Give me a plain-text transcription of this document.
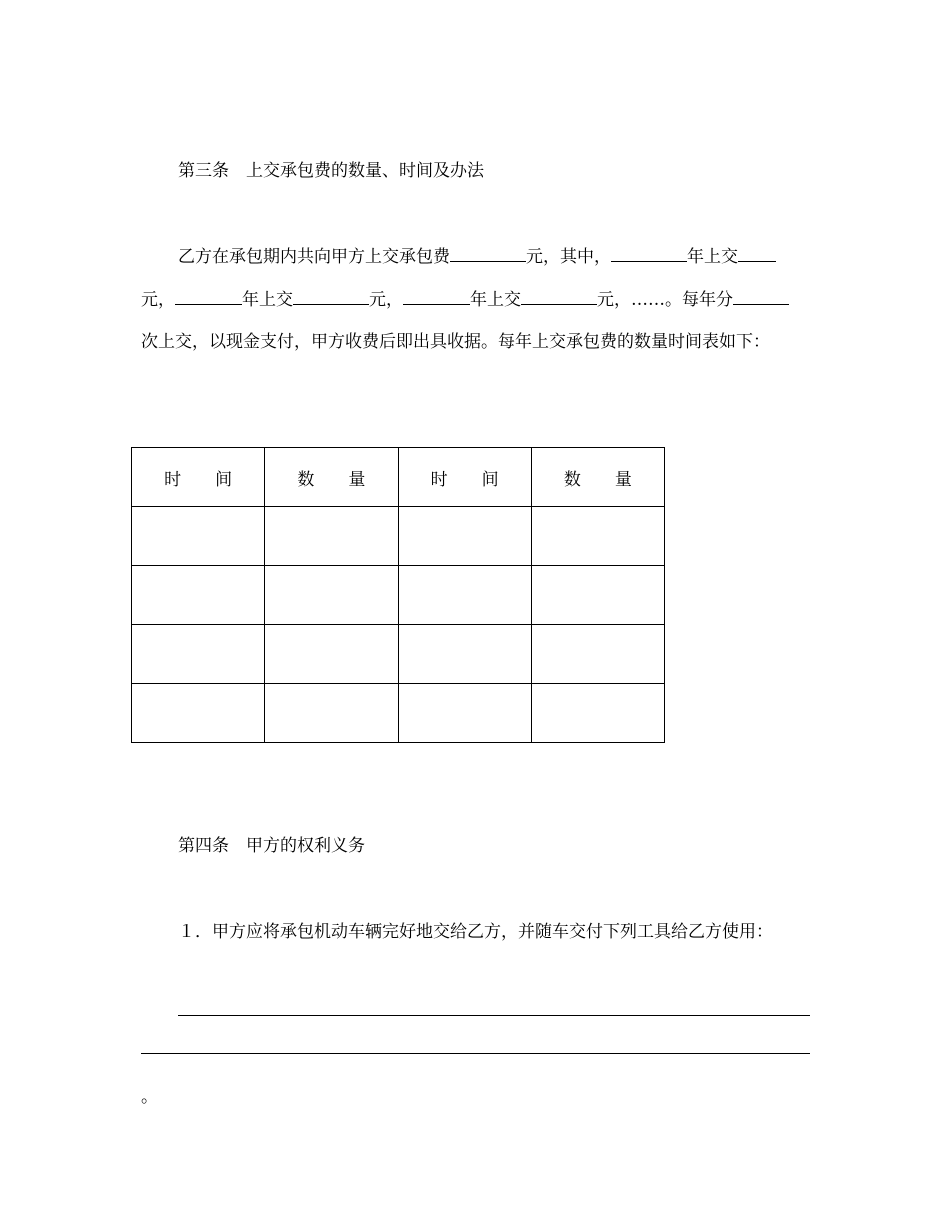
第三条　上交承包费的数量、时间及办法
乙方在承包期内共向甲方上交承包费	元，其中，	年上交
元，	年上交	元，	年上交	元，……。每年分
次上交，以现金支付，甲方收费后即出具收据。每年上交承包费的数量时间表如下：
时　　间	数　　量	时　　间	数　　量

第四条　甲方的权利义务
１．甲方应将承包机动车辆完好地交给乙方，并随车交付下列工具给乙方使用：
。
